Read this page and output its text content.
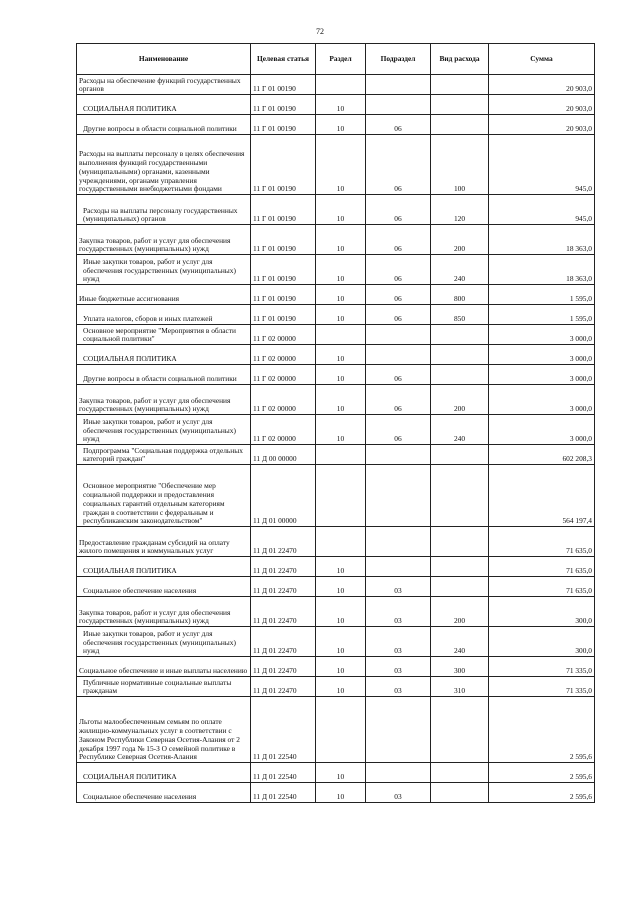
72
Наименование	Целевая статья	Раздел	Подраздел	Вид расхода	Сумма
Расходы на обеспечение функций государственных органов	11 Г 01 00190				20 903,0
СОЦИАЛЬНАЯ ПОЛИТИКА	11 Г 01 00190	10			20 903,0
Другие вопросы в области социальной политики	11 Г 01 00190	10	06		20 903,0
Расходы на выплаты персоналу в целях обеспечения выполнения функций государственными (муниципальными) органами, казенными учреждениями, органами управления государственными внебюджетными фондами	11 Г 01 00190	10	06	100	945,0
Расходы на выплаты персоналу государственных (муниципальных) органов	11 Г 01 00190	10	06	120	945,0
Закупка товаров, работ и услуг для обеспечения государственных (муниципальных) нужд	11 Г 01 00190	10	06	200	18 363,0
Иные закупки товаров, работ и услуг для обеспечения государственных (муниципальных) нужд	11 Г 01 00190	10	06	240	18 363,0
Иные бюджетные ассигнования	11 Г 01 00190	10	06	800	1 595,0
Уплата налогов, сборов и иных платежей	11 Г 01 00190	10	06	850	1 595,0
Основное мероприятие "Мероприятия в области социальной политики"	11 Г 02 00000				3 000,0
СОЦИАЛЬНАЯ ПОЛИТИКА	11 Г 02 00000	10			3 000,0
Другие вопросы в области социальной политики	11 Г 02 00000	10	06		3 000,0
Закупка товаров, работ и услуг для обеспечения государственных (муниципальных) нужд	11 Г 02 00000	10	06	200	3 000,0
Иные закупки товаров, работ и услуг для обеспечения государственных (муниципальных) нужд	11 Г 02 00000	10	06	240	3 000,0
Подпрограмма "Социальная поддержка отдельных категорий граждан"	11 Д 00 00000				602 208,3
Основное мероприятие "Обеспечение мер социальной поддержки и предоставления социальных гарантий отдельным категориям граждан в соответствии с федеральным и республиканским законодательством"	11 Д 01 00000				564 197,4
Предоставление гражданам субсидий на оплату жилого помещения и коммунальных услуг	11 Д 01 22470				71 635,0
СОЦИАЛЬНАЯ ПОЛИТИКА	11 Д 01 22470	10			71 635,0
Социальное обеспечение населения	11 Д 01 22470	10	03		71 635,0
Закупка товаров, работ и услуг для обеспечения государственных (муниципальных) нужд	11 Д 01 22470	10	03	200	300,0
Иные закупки товаров, работ и услуг для обеспечения государственных (муниципальных) нужд	11 Д 01 22470	10	03	240	300,0
Социальное обеспечение и иные выплаты населению	11 Д 01 22470	10	03	300	71 335,0
Публичные нормативные социальные выплаты гражданам	11 Д 01 22470	10	03	310	71 335,0
Льготы малообеспеченным семьям по оплате жилищно-коммунальных услуг в соответствии с Законом Республики Северная Осетия-Алания от 2 декабря 1997 года № 15-З О семейной политике в Республике Северная Осетия-Алания	11 Д 01 22540				2 595,6
СОЦИАЛЬНАЯ ПОЛИТИКА	11 Д 01 22540	10			2 595,6
Социальное обеспечение населения	11 Д 01 22540	10	03		2 595,6
